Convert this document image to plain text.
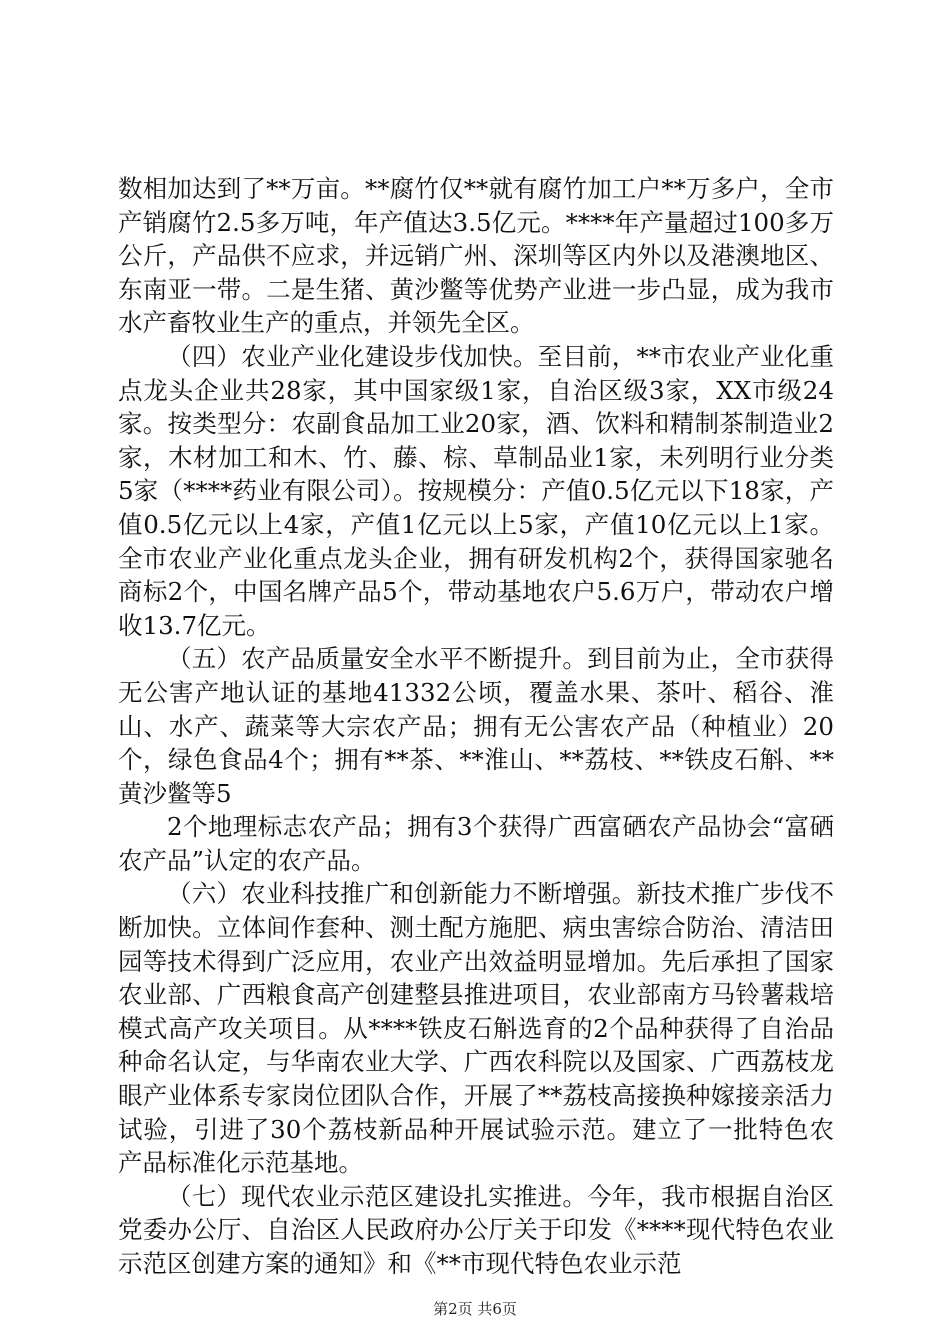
数相加达到了**万亩。**腐竹仅**就有腐竹加工户**万多户，全市产销腐竹2.5多万吨，年产值达3.5亿元。****年产量超过100多万公斤，产品供不应求，并远销广州、深圳等区内外以及港澳地区、东南亚一带。二是生猪、黄沙鳖等优势产业进一步凸显，成为我市水产畜牧业生产的重点，并领先全区。

（四）农业产业化建设步伐加快。至目前，**市农业产业化重点龙头企业共28家，其中国家级1家，自治区级3家，XX市级24家。按类型分：农副食品加工业20家，酒、饮料和精制茶制造业2家，木材加工和木、竹、藤、棕、草制品业1家，未列明行业分类5家（****药业有限公司）。按规模分：产值0.5亿元以下18家，产值0.5亿元以上4家，产值1亿元以上5家，产值10亿元以上1家。全市农业产业化重点龙头企业，拥有研发机构2个，获得国家驰名商标2个，中国名牌产品5个，带动基地农户5.6万户，带动农户增收13.7亿元。

（五）农产品质量安全水平不断提升。到目前为止，全市获得无公害产地认证的基地41332公顷，覆盖水果、茶叶、稻谷、淮山、水产、蔬菜等大宗农产品；拥有无公害农产品（种植业）20个，绿色食品4个；拥有**茶、**淮山、**荔枝、**铁皮石斛、**黄沙鳖等5

2个地理标志农产品；拥有3个获得广西富硒农产品协会“富硒农产品”认定的农产品。

（六）农业科技推广和创新能力不断增强。新技术推广步伐不断加快。立体间作套种、测土配方施肥、病虫害综合防治、清洁田园等技术得到广泛应用，农业产出效益明显增加。先后承担了国家农业部、广西粮食高产创建整县推进项目，农业部南方马铃薯栽培模式高产攻关项目。从****铁皮石斛选育的2个品种获得了自治品种命名认定，与华南农业大学、广西农科院以及国家、广西荔枝龙眼产业体系专家岗位团队合作，开展了**荔枝高接换种嫁接亲活力试验，引进了30个荔枝新品种开展试验示范。建立了一批特色农产品标准化示范基地。

（七）现代农业示范区建设扎实推进。今年，我市根据自治区党委办公厅、自治区人民政府办公厅关于印发《****现代特色农业示范区创建方案的通知》和《**市现代特色农业示范

第2页 共6页
